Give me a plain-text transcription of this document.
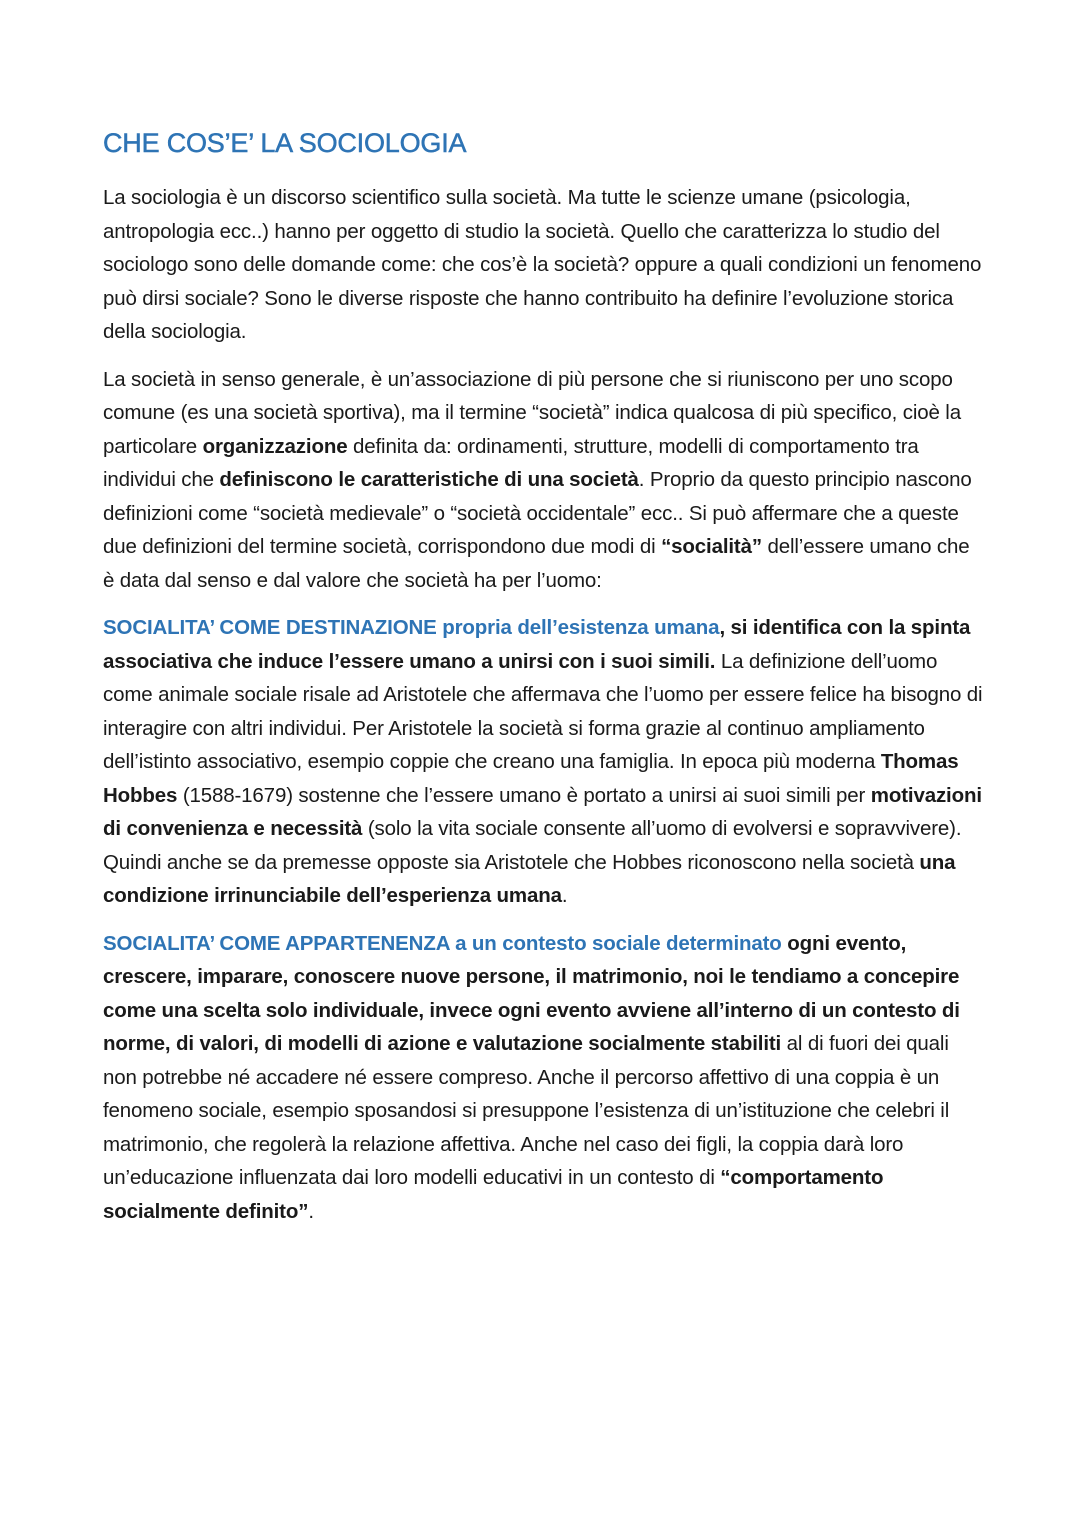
CHE COS’E’ LA SOCIOLOGIA

La sociologia è un discorso scientifico sulla società. Ma tutte le scienze umane (psicologia, antropologia ecc..) hanno per oggetto di studio la società. Quello che caratterizza lo studio del sociologo sono delle domande come: che cos’è la società? oppure a quali condizioni un fenomeno può dirsi sociale? Sono le diverse risposte che hanno contribuito ha definire l’evoluzione storica della sociologia.

La società in senso generale, è un’associazione di più persone che si riuniscono per uno scopo comune (es una società sportiva), ma il termine “società” indica qualcosa di più specifico, cioè la particolare organizzazione definita da: ordinamenti, strutture, modelli di comportamento tra individui che definiscono le caratteristiche di una società. Proprio da questo principio nascono definizioni come “società medievale” o “società occidentale” ecc.. Si può affermare che a queste due definizioni del termine società, corrispondono due modi di “socialità” dell’essere umano che è data dal senso e dal valore che società ha per l’uomo:

SOCIALITA’ COME DESTINAZIONE propria dell’esistenza umana, si identifica con la spinta associativa che induce l’essere umano a unirsi con i suoi simili. La definizione dell’uomo come animale sociale risale ad Aristotele che affermava che l’uomo per essere felice ha bisogno di interagire con altri individui. Per Aristotele la società si forma grazie al continuo ampliamento dell’istinto associativo, esempio coppie che creano una famiglia. In epoca più moderna Thomas Hobbes (1588-1679) sostenne che l’essere umano è portato a unirsi ai suoi simili per motivazioni di convenienza e necessità (solo la vita sociale consente all’uomo di evolversi e sopravvivere). Quindi anche se da premesse opposte sia Aristotele che Hobbes riconoscono nella società una condizione irrinunciabile dell’esperienza umana.

SOCIALITA’ COME APPARTENENZA a un contesto sociale determinato ogni evento, crescere, imparare, conoscere nuove persone, il matrimonio, noi le tendiamo a concepire come una scelta solo individuale, invece ogni evento avviene all’interno di un contesto di norme, di valori, di modelli di azione e valutazione socialmente stabiliti al di fuori dei quali non potrebbe né accadere né essere compreso. Anche il percorso affettivo di una coppia è un fenomeno sociale, esempio sposandosi si presuppone l’esistenza di un’istituzione che celebri il matrimonio, che regolerà la relazione affettiva. Anche nel caso dei figli, la coppia darà loro un’educazione influenzata dai loro modelli educativi in un contesto di “comportamento socialmente definito”.
